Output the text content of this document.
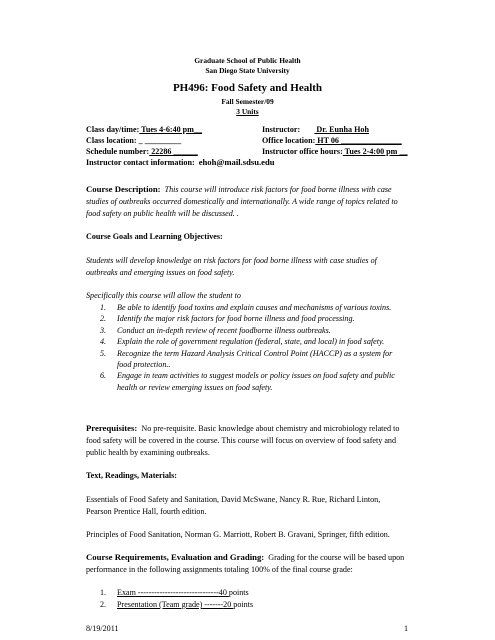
Graduate School of Public Health
San Diego State University
PH496: Food Safety and Health
Fall Semester/09
3 Units
Class day/time: Tues 4-6:40 pm__	Instructor:        Dr. Eunha Hoh
Class location: _ _________	Office location: HT 06 _______________
Schedule number: 22286 ______	Instructor office hours: Tues 2-4:00 pm __
Instructor contact information: ehoh@mail.sdsu.edu
Course Description: This course will introduce risk factors for food borne illness with case
studies of outbreaks occurred domestically and internationally. A wide range of topics related to
food safety on public health will be discussed. .
Course Goals and Learning Objectives:
Students will develop knowledge on risk factors for food borne illness with case studies of
outbreaks and emerging issues on food safety.
Specifically this course will allow the student to
1. Be able to identify food toxins and explain causes and mechanisms of various toxins.
2. Identify the major risk factors for food borne illness and food processing.
3. Conduct an in-depth review of recent foodborne illness outbreaks.
4. Explain the role of government regulation (federal, state, and local) in food safety.
5. Recognize the term Hazard Analysis Critical Control Point (HACCP) as a system for
food protection..
6. Engage in team activities to suggest models or policy issues on food safety and public
health or review emerging issues on food safety.
Prerequisites: No pre-requisite. Basic knowledge about chemistry and microbiology related to
food safety will be covered in the course. This course will focus on overview of food safety and
public health by examining outbreaks.
Text, Readings, Materials:
Essentials of Food Safety and Sanitation, David McSwane, Nancy R. Rue, Richard Linton,
Pearson Prentice Hall, fourth edition.
Principles of Food Sanitation, Norman G. Marriott, Robert B. Gravani, Springer, fifth edition.
Course Requirements, Evaluation and Grading: Grading for the course will be based upon
performance in the following assignments totaling 100% of the final course grade:
1. Exam ------------------------------40 points
2. Presentation (Team grade) -------20 points
8/19/2011	1
